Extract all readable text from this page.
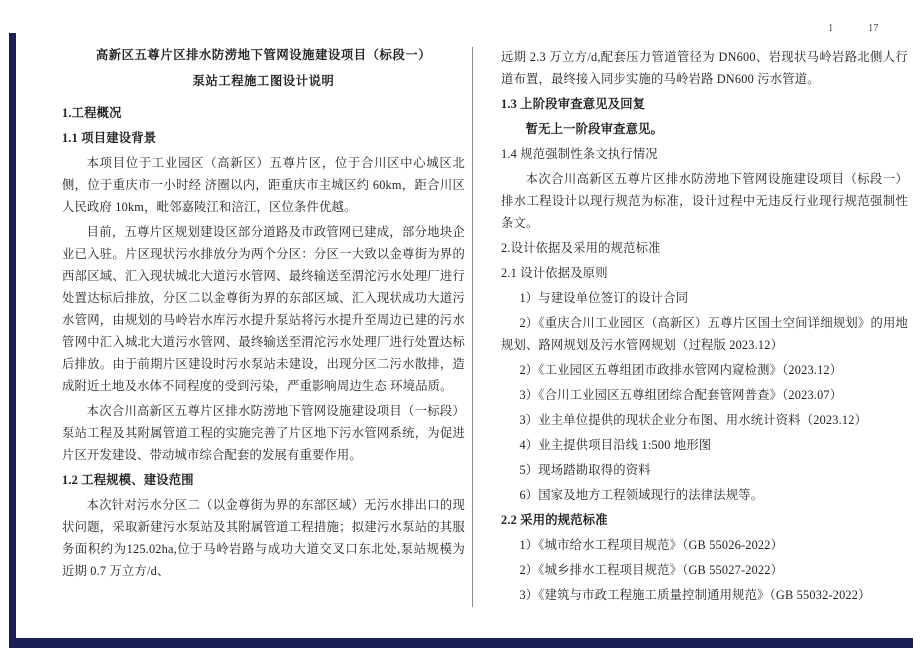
1	17

高新区五尊片区排水防涝地下管网设施建设项目（标段一）

泵站工程施工图设计说明

1.工程概况

1.1 项目建设背景

本项目位于工业园区（高新区）五尊片区，位于合川区中心城区北侧，位于重庆市一小时经 济圈以内，距重庆市主城区约 60km，距合川区人民政府 10km，毗邻嘉陵江和涪江，区位条件优越。

目前，五尊片区规划建设区部分道路及市政管网已建成，部分地块企业已入驻。片区现状污水排放分为两个分区：分区一大致以金尊街为界的西部区域、汇入现状城北大道污水管网、最终输送至渭沱污水处理厂进行处置达标后排放，分区二以金尊街为界的东部区域、汇入现状成功大道污水管网，由规划的马岭岩水库污水提升泵站将污水提升至周边已建的污水管网中汇入城北大道污水管网、最终输送至渭沱污水处理厂进行处置达标后排放。由于前期片区建设时污水泵站未建设，出现分区二污水散排，造成附近土地及水体不同程度的受到污染，严重影响周边生态 环境品质。

本次合川高新区五尊片区排水防涝地下管网设施建设项目（一标段）泵站工程及其附属管道工程的实施完善了片区地下污水管网系统，为促进片区开发建设、带动城市综合配套的发展有重要作用。

1.2 工程规模、建设范围

本次针对污水分区二（以金尊街为界的东部区域）无污水排出口的现状问题，采取新建污水泵站及其附属管道工程措施；拟建污水泵站的其服务面积约为125.02ha,位于马岭岩路与成功大道交叉口东北处,泵站规模为近期 0.7 万立方/d、

远期 2.3 万立方/d,配套压力管道管径为 DN600、岩现状马岭岩路北侧人行道布置，最终接入同步实施的马岭岩路 DN600 污水管道。

1.3 上阶段审查意见及回复

暂无上一阶段审查意见。

1.4 规范强制性条文执行情况

本次合川高新区五尊片区排水防涝地下管网设施建设项目（标段一）排水工程设计以现行规范为标准，设计过程中无违反行业现行规范强制性条文。

2.设计依据及采用的规范标准

2.1 设计依据及原则

1）与建设单位签订的设计合同

2）《重庆合川工业园区（高新区）五尊片区国土空间详细规划》的用地规划、路网规划及污水管网规划（过程版 2023.12）

2）《工业园区五尊组团市政排水管网内窥检测》（2023.12）

3）《合川工业园区五尊组团综合配套管网普查》（2023.07）

3）业主单位提供的现状企业分布图、用水统计资料（2023.12）

4）业主提供项目沿线 1:500 地形图

5）现场踏勘取得的资料

6）国家及地方工程领域现行的法律法规等。

2.2 采用的规范标准

1）《城市给水工程项目规范》（GB 55026-2022）

2）《城乡排水工程项目规范》（GB 55027-2022）

3）《建筑与市政工程施工质量控制通用规范》（GB 55032-2022）
